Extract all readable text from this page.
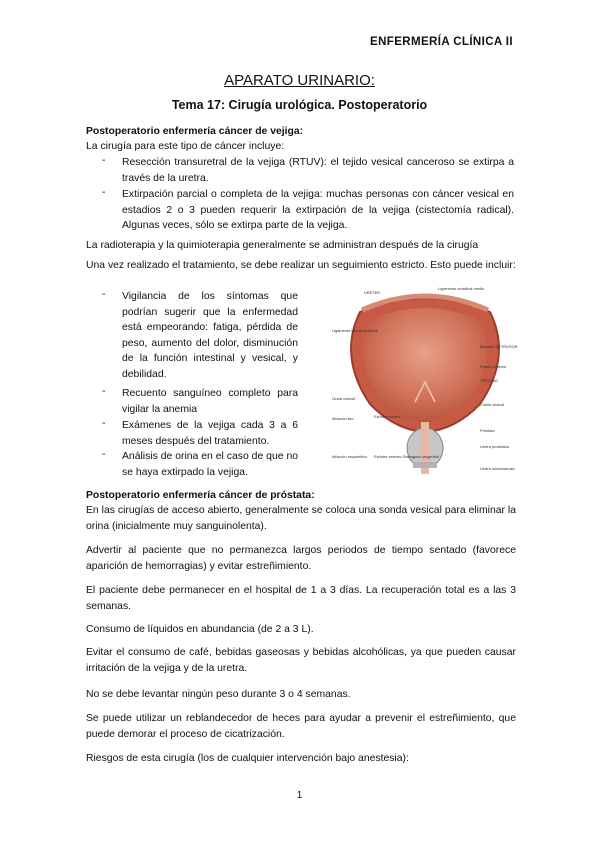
ENFERMERÍA CLÍNICA II
APARATO URINARIO:
Tema 17: Cirugía urológica. Postoperatorio
Postoperatorio enfermería cáncer de vejiga:
La cirugía para este tipo de cáncer incluye:
- Resección transuretral de la vejiga (RTUV): el tejido vesical canceroso se extirpa a través de la uretra.
- Extirpación parcial o completa de la vejiga: muchas personas con cáncer vesical en estadios 2 o 3 pueden requerir la extirpación de la vejiga (cistectomía radical). Algunas veces, sólo se extirpa parte de la vejiga.
La radioterapia y la quimioterapia generalmente se administran después de la cirugía
Una vez realizado el tratamiento, se debe realizar un seguimiento estricto. Esto puede incluir:
- Vigilancia de los síntomas que podrían sugerir que la enfermedad está empeorando: fatiga, pérdida de peso, aumento del dolor, disminución de la función intestinal y vesical, y debilidad.
- Recuento sanguíneo completo para vigilar la anemia
- Exámenes de la vejiga cada 3 a 6 meses después del tratamiento.
- Análisis de orina en el caso de que no se haya extirpado la vejiga.
URETER
Ligamento umbilical medio
Ligamento lateral umbilical
Músculo DETRUSOR
Pared posterior
TRÍGONO
Úvula vesical
Cuello vesical
Músculo liso	Esfínter interno
Próstata
Uretra prostática
Músculo esquelético Esfínter externo Diafragma urogenital
Uretra membranosa
Postoperatorio enfermería cáncer de próstata:
En las cirugías de acceso abierto, generalmente se coloca una sonda vesical para eliminar la orina (inicialmente muy sanguinolenta).
Advertir al paciente que no permanezca largos periodos de tiempo sentado (favorece aparición de hemorragias) y evitar estreñimiento.
El paciente debe permanecer en el hospital de 1 a 3 días. La recuperación total es a las 3 semanas.
Consumo de líquidos en abundancia (de 2 a 3 L).
Evitar el consumo de café, bebidas gaseosas y bebidas alcohólicas, ya que pueden causar irritación de la vejiga y de la uretra.
No se debe levantar ningún peso durante 3 o 4 semanas.
Se puede utilizar un reblandecedor de heces para ayudar a prevenir el estreñimiento, que puede demorar el proceso de cicatrización.
Riesgos de esta cirugía (los de cualquier intervención bajo anestesia):
1
